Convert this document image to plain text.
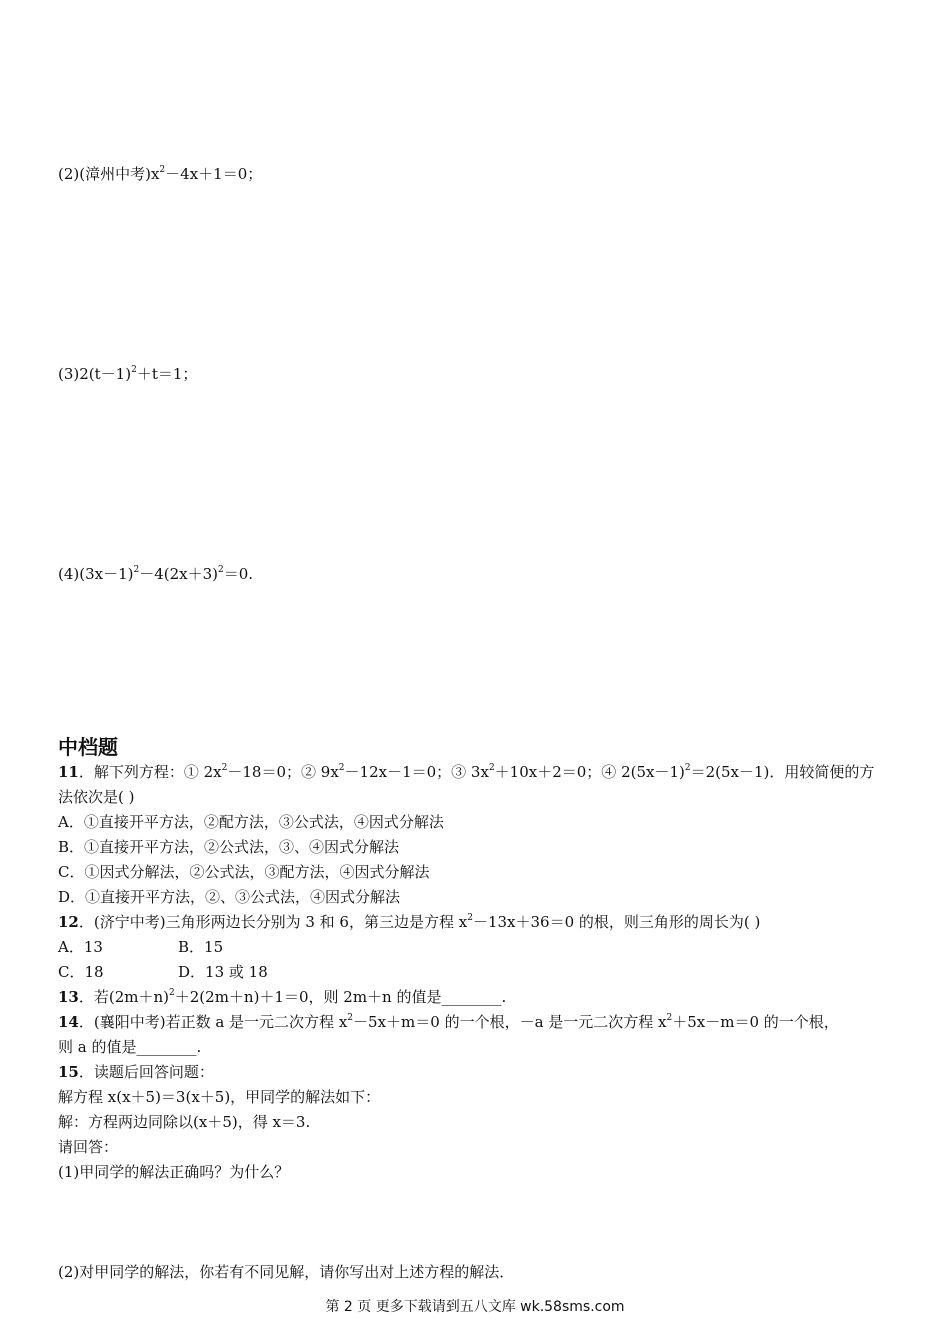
(2)(漳州中考)$x^2-4x+1=0$；
$(3)2(t-1)^2+t=1$；
$(4)(3x-1)^2-4(2x+3)^2=0$.
中档题
11．解下列方程：① $2x^2-18=0$；② $9x^2-12x-1=0$；③ $3x^2+10x+2=0$；④ $2(5x-1)^2=2(5x-1)$．用较简便的方
法依次是( )
A．①直接开平方法，②配方法，③公式法，④因式分解法
B．①直接开平方法，②公式法，③、④因式分解法
C．①因式分解法，②公式法，③配方法，④因式分解法
D．①直接开平方法，②、③公式法，④因式分解法
12．(济宁中考)三角形两边长分别为 3 和 6，第三边是方程 $x^2-13x+36=0$ 的根，则三角形的周长为( )
A．13	B．15
C．18	D．13 或 18
13．若$(2m+n)^2+2(2m+n)+1=0$，则 2m＋n 的值是________.
14．(襄阳中考)若正数 a 是一元二次方程 $x^2-5x+m=0$ 的一个根，－a 是一元二次方程 $x^2+5x-m=0$ 的一个根，
则 a 的值是________.
15．读题后回答问题：
解方程 x(x＋5)＝3(x＋5)，甲同学的解法如下：
解：方程两边同除以(x＋5)，得 x＝3.
请回答：
(1)甲同学的解法正确吗？为什么？
(2)对甲同学的解法，你若有不同见解，请你写出对上述方程的解法．
第 2 页 更多下载请到五八文库 wk.58sms.com
